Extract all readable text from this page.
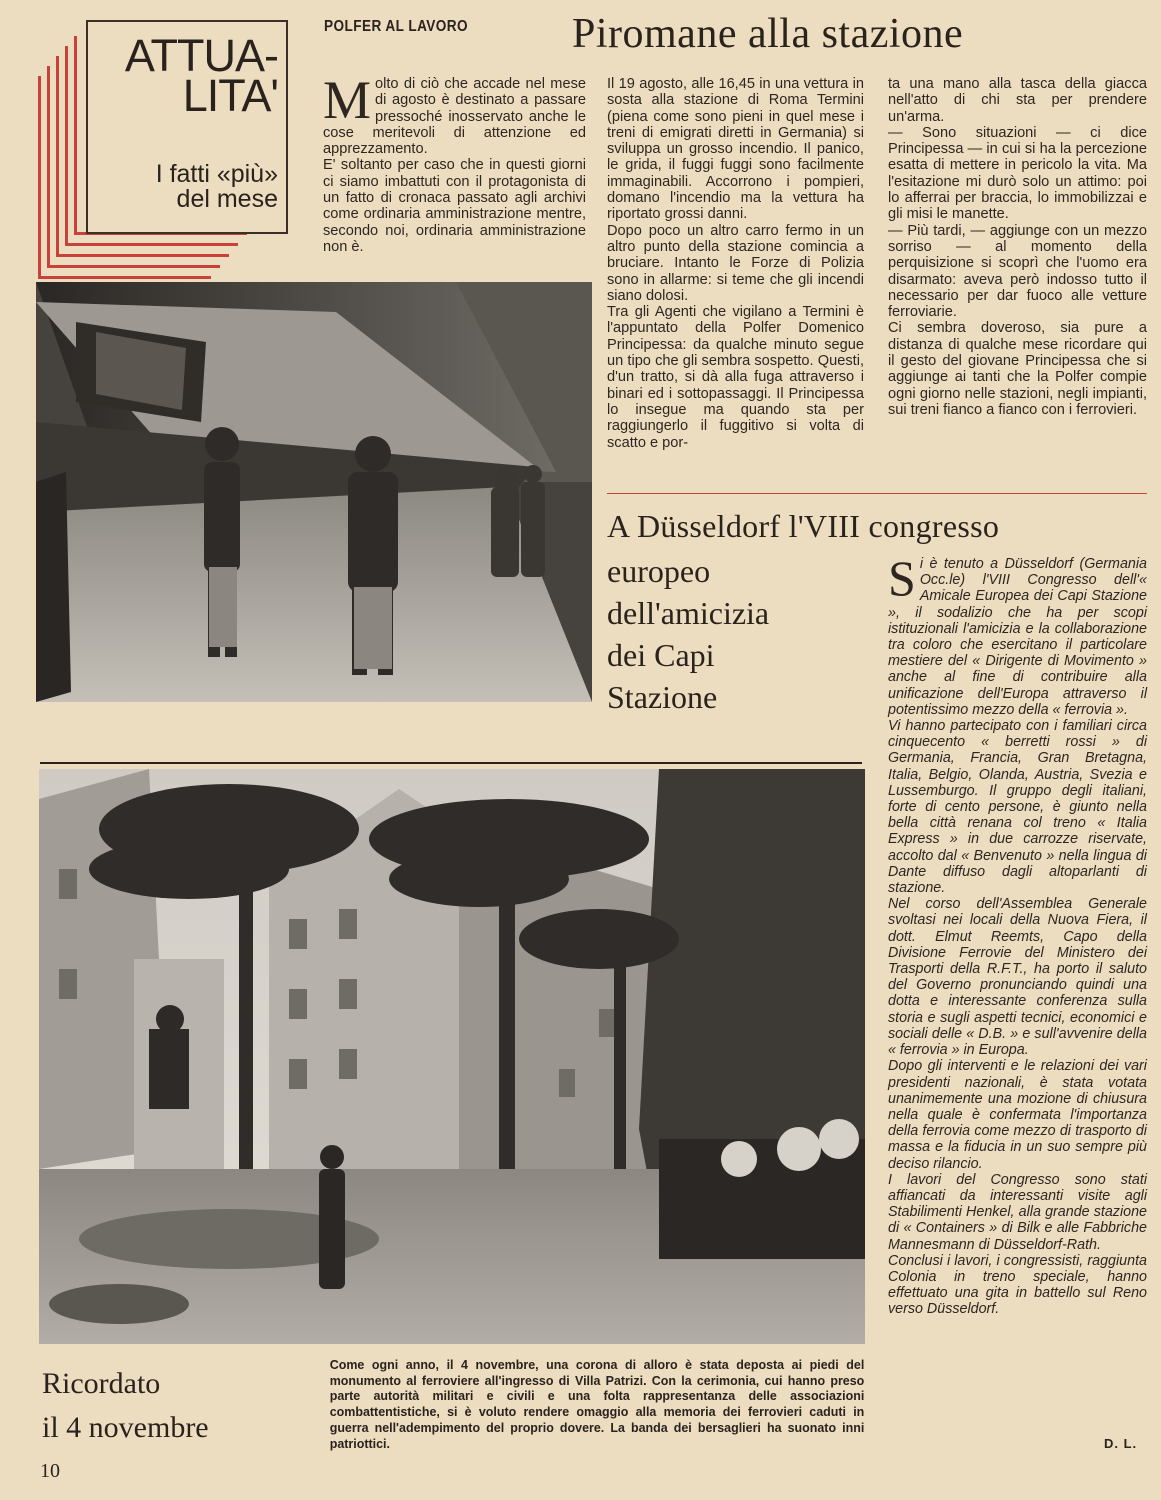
ATTUA-
LITA'
I fatti «più»
del mese
POLFER AL LAVORO Piromane alla stazione

Molto di ciò che accade nel mese di agosto è destinato a passare pressoché inosservato anche le cose meritevoli di attenzione ed apprezzamento.

E' soltanto per caso che in questi giorni ci siamo imbattuti con il protagonista di un fatto di cronaca passato agli archivi come ordinaria amministrazione mentre, secondo noi, ordinaria amministrazione non è.

Il 19 agosto, alle 16,45 in una vettura in sosta alla stazione di Roma Termini (piena come sono pieni in quel mese i treni di emigrati diretti in Germania) si sviluppa un grosso incendio. Il panico, le grida, il fuggi fuggi sono facilmente immaginabili. Accorrono i pompieri, domano l'incendio ma la vettura ha riportato grossi danni.

Dopo poco un altro carro fermo in un altro punto della stazione comincia a bruciare. Intanto le Forze di Polizia sono in allarme: si teme che gli incendi siano dolosi.

Tra gli Agenti che vigilano a Termini è l'appuntato della Polfer Domenico Principessa: da qualche minuto segue un tipo che gli sembra sospetto. Questi, d'un tratto, si dà alla fuga attraverso i binari ed i sottopassaggi. Il Principessa lo insegue ma quando sta per raggiungerlo il fuggitivo si volta di scatto e por-

ta una mano alla tasca della giacca nell'atto di chi sta per prendere un'arma.

— Sono situazioni — ci dice Principessa — in cui si ha la percezione esatta di mettere in pericolo la vita. Ma l'esitazione mi durò solo un attimo: poi lo afferrai per braccia, lo immobilizzai e gli misi le manette.

— Più tardi, — aggiunge con un mezzo sorriso — al momento della perquisizione si scoprì che l'uomo era disarmato: aveva però indosso tutto il necessario per dar fuoco alle vetture ferroviarie.

Ci sembra doveroso, sia pure a distanza di qualche mese ricordare qui il gesto del giovane Principessa che si aggiunge ai tanti che la Polfer compie ogni giorno nelle stazioni, negli impianti, sui treni fianco a fianco con i ferrovieri.

A Düsseldorf l'VIII congresso
europeo
dell'amicizia
dei Capi
Stazione

Si è tenuto a Düsseldorf (Germania Occ.le) l'VIII Congresso dell'« Amicale Europea dei Capi Stazione », il sodalizio che ha per scopi istituzionali l'amicizia e la collaborazione tra coloro che esercitano il particolare mestiere del « Dirigente di Movimento » anche al fine di contribuire alla unificazione dell'Europa attraverso il potentissimo mezzo della « ferrovia ».

Vi hanno partecipato con i familiari circa cinquecento « berretti rossi » di Germania, Francia, Gran Bretagna, Italia, Belgio, Olanda, Austria, Svezia e Lussemburgo. Il gruppo degli italiani, forte di cento persone, è giunto nella bella città renana col treno « Italia Express » in due carrozze riservate, accolto dal « Benvenuto » nella lingua di Dante diffuso dagli altoparlanti di stazione.

Nel corso dell'Assemblea Generale svoltasi nei locali della Nuova Fiera, il dott. Elmut Reemts, Capo della Divisione Ferrovie del Ministero dei Trasporti della R.F.T., ha porto il saluto del Governo pronunciando quindi una dotta e interessante conferenza sulla storia e sugli aspetti tecnici, economici e sociali delle « D.B. » e sull'avvenire della « ferrovia » in Europa.

Dopo gli interventi e le relazioni dei vari presidenti nazionali, è stata votata unanimemente una mozione di chiusura nella quale è confermata l'importanza della ferrovia come mezzo di trasporto di massa e la fiducia in un suo sempre più deciso rilancio.

I lavori del Congresso sono stati affiancati da interessanti visite agli Stabilimenti Henkel, alla grande stazione di « Containers » di Bilk e alle Fabbriche Mannesmann di Düsseldorf-Rath.

Conclusi i lavori, i congressisti, raggiunta Colonia in treno speciale, hanno effettuato una gita in battello sul Reno verso Düsseldorf.

D. L.
Ricordato
il 4 novembre
Come ogni anno, il 4 novembre, una corona di alloro è stata deposta ai piedi del monumento al ferroviere all'ingresso di Villa Patrizi. Con la cerimonia, cui hanno preso parte autorità militari e civili e una folta rappresentanza delle associazioni combattentistiche, si è voluto rendere omaggio alla memoria dei ferrovieri caduti in guerra nell'adempimento del proprio dovere. La banda dei bersaglieri ha suonato inni patriottici.
10
